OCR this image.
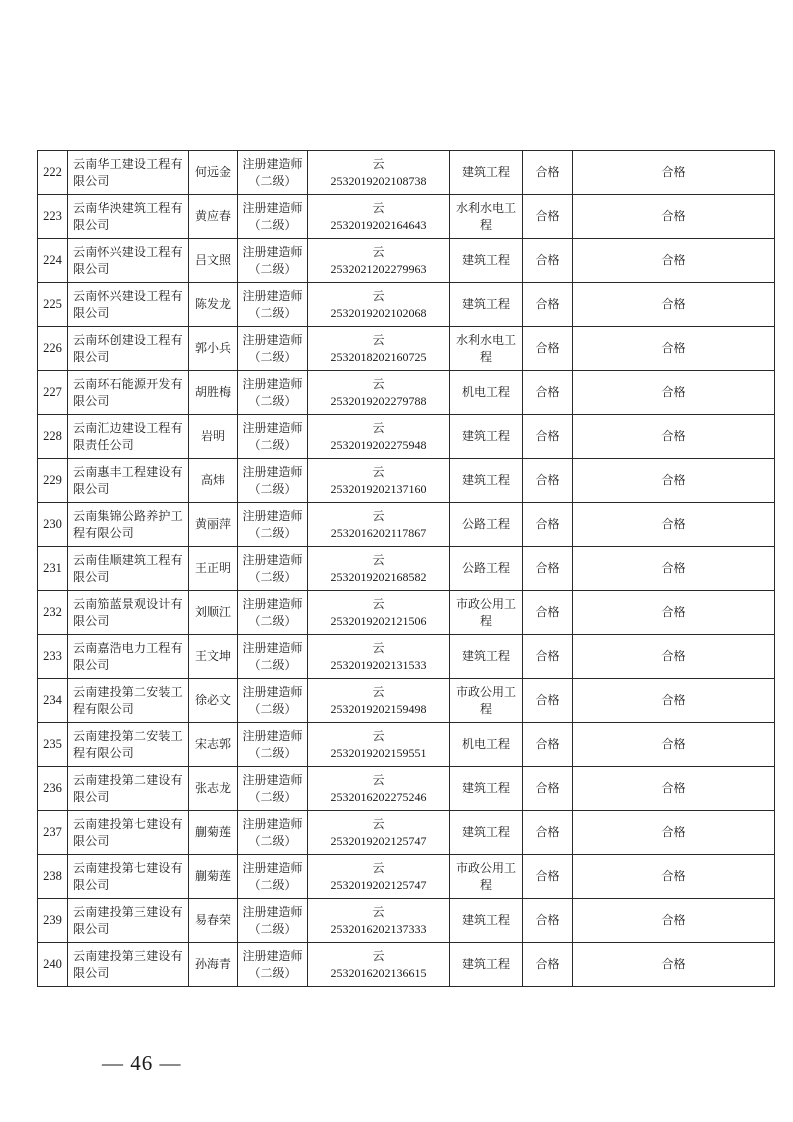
222	云南华工建设工程有
限公司	何远金	注册建造师
（二级）	云
2532019202108738	建筑工程	合格	合格

223	云南华泱建筑工程有
限公司	黄应春	注册建造师
（二级）	云
2532019202164643	水利水电工
程	合格	合格

224	云南怀兴建设工程有
限公司	吕文照	注册建造师
（二级）	云
2532021202279963	建筑工程	合格	合格

225	云南怀兴建设工程有
限公司	陈发龙	注册建造师
（二级）	云
2532019202102068	建筑工程	合格	合格

226	云南环创建设工程有
限公司	郭小兵	注册建造师
（二级）	云
2532018202160725	水利水电工
程	合格	合格

227	云南环石能源开发有
限公司	胡胜梅	注册建造师
（二级）	云
2532019202279788	机电工程	合格	合格

228	云南汇边建设工程有
限责任公司	岩明	注册建造师
（二级）	云
2532019202275948	建筑工程	合格	合格

229	云南惠丰工程建设有
限公司	高炜	注册建造师
（二级）	云
2532019202137160	建筑工程	合格	合格

230	云南集锦公路养护工
程有限公司	黄丽萍	注册建造师
（二级）	云
2532016202117867	公路工程	合格	合格

231	云南佳顺建筑工程有
限公司	王正明	注册建造师
（二级）	云
2532019202168582	公路工程	合格	合格

232	云南笳蓝景观设计有
限公司	刘顺江	注册建造师
（二级）	云
2532019202121506	市政公用工
程	合格	合格

233	云南嘉浩电力工程有
限公司	王文坤	注册建造师
（二级）	云
2532019202131533	建筑工程	合格	合格

234	云南建投第二安装工
程有限公司	徐必文	注册建造师
（二级）	云
2532019202159498	市政公用工
程	合格	合格

235	云南建投第二安装工
程有限公司	宋志郭	注册建造师
（二级）	云
2532019202159551	机电工程	合格	合格

236	云南建投第二建设有
限公司	张志龙	注册建造师
（二级）	云
2532016202275246	建筑工程	合格	合格

237	云南建投第七建设有
限公司	蒯菊莲	注册建造师
（二级）	云
2532019202125747	建筑工程	合格	合格

238	云南建投第七建设有
限公司	蒯菊莲	注册建造师
（二级）	云
2532019202125747	市政公用工
程	合格	合格

239	云南建投第三建设有
限公司	易春荣	注册建造师
（二级）	云
2532016202137333	建筑工程	合格	合格

240	云南建投第三建设有
限公司	孙海青	注册建造师
（二级）	云
2532016202136615	建筑工程	合格	合格
— 46 —
